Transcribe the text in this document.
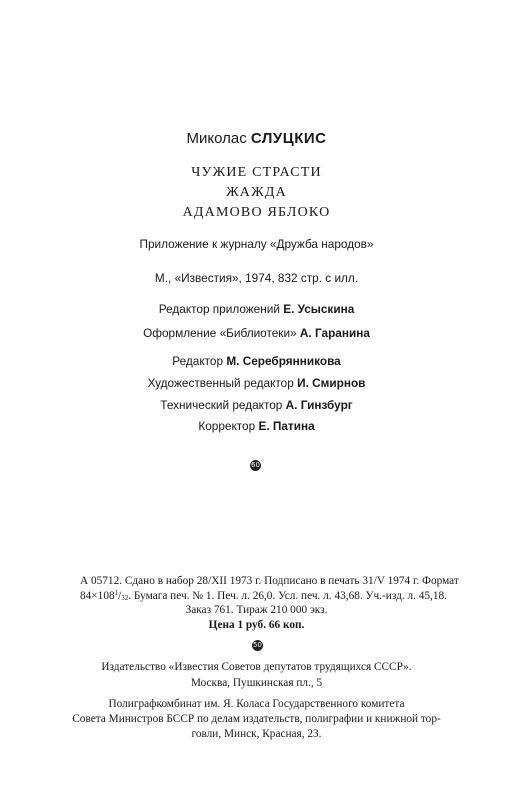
Миколас СЛУЦКИС
ЧУЖИЕ СТРАСТИ
ЖАЖДА
АДАМОВО ЯБЛОКО
Приложение к журналу «Дружба народов»
М., «Известия», 1974, 832 стр. с илл.
Редактор приложений Е. Усыскина
Оформление «Библиотеки» А. Гаранина
Редактор М. Серебрянникова
Художественный редактор И. Смирнов
Технический редактор А. Гинзбург
Корректор Е. Патина
60
А 05712. Сдано в набор 28/XII 1973 г. Подписано в печать 31/V 1974 г. Формат
$84\times 108^1/_{32}$. Бумага печ. № 1. Печ. л. 26,0. Усл. печ. л. 43,68. Уч.-изд. л. 45,18.
Заказ 761. Тираж 210 000 экз.
Цена 1 руб. 66 коп.
50
Издательство «Известия Советов депутатов трудящихся СССР».
Москва, Пушкинская пл., 5
Полиграфкомбинат им. Я. Коласа Государственного комитета
Совета Министров БССР по делам издательств, полиграфии и книжной тор-
говли, Минск, Красная, 23.
